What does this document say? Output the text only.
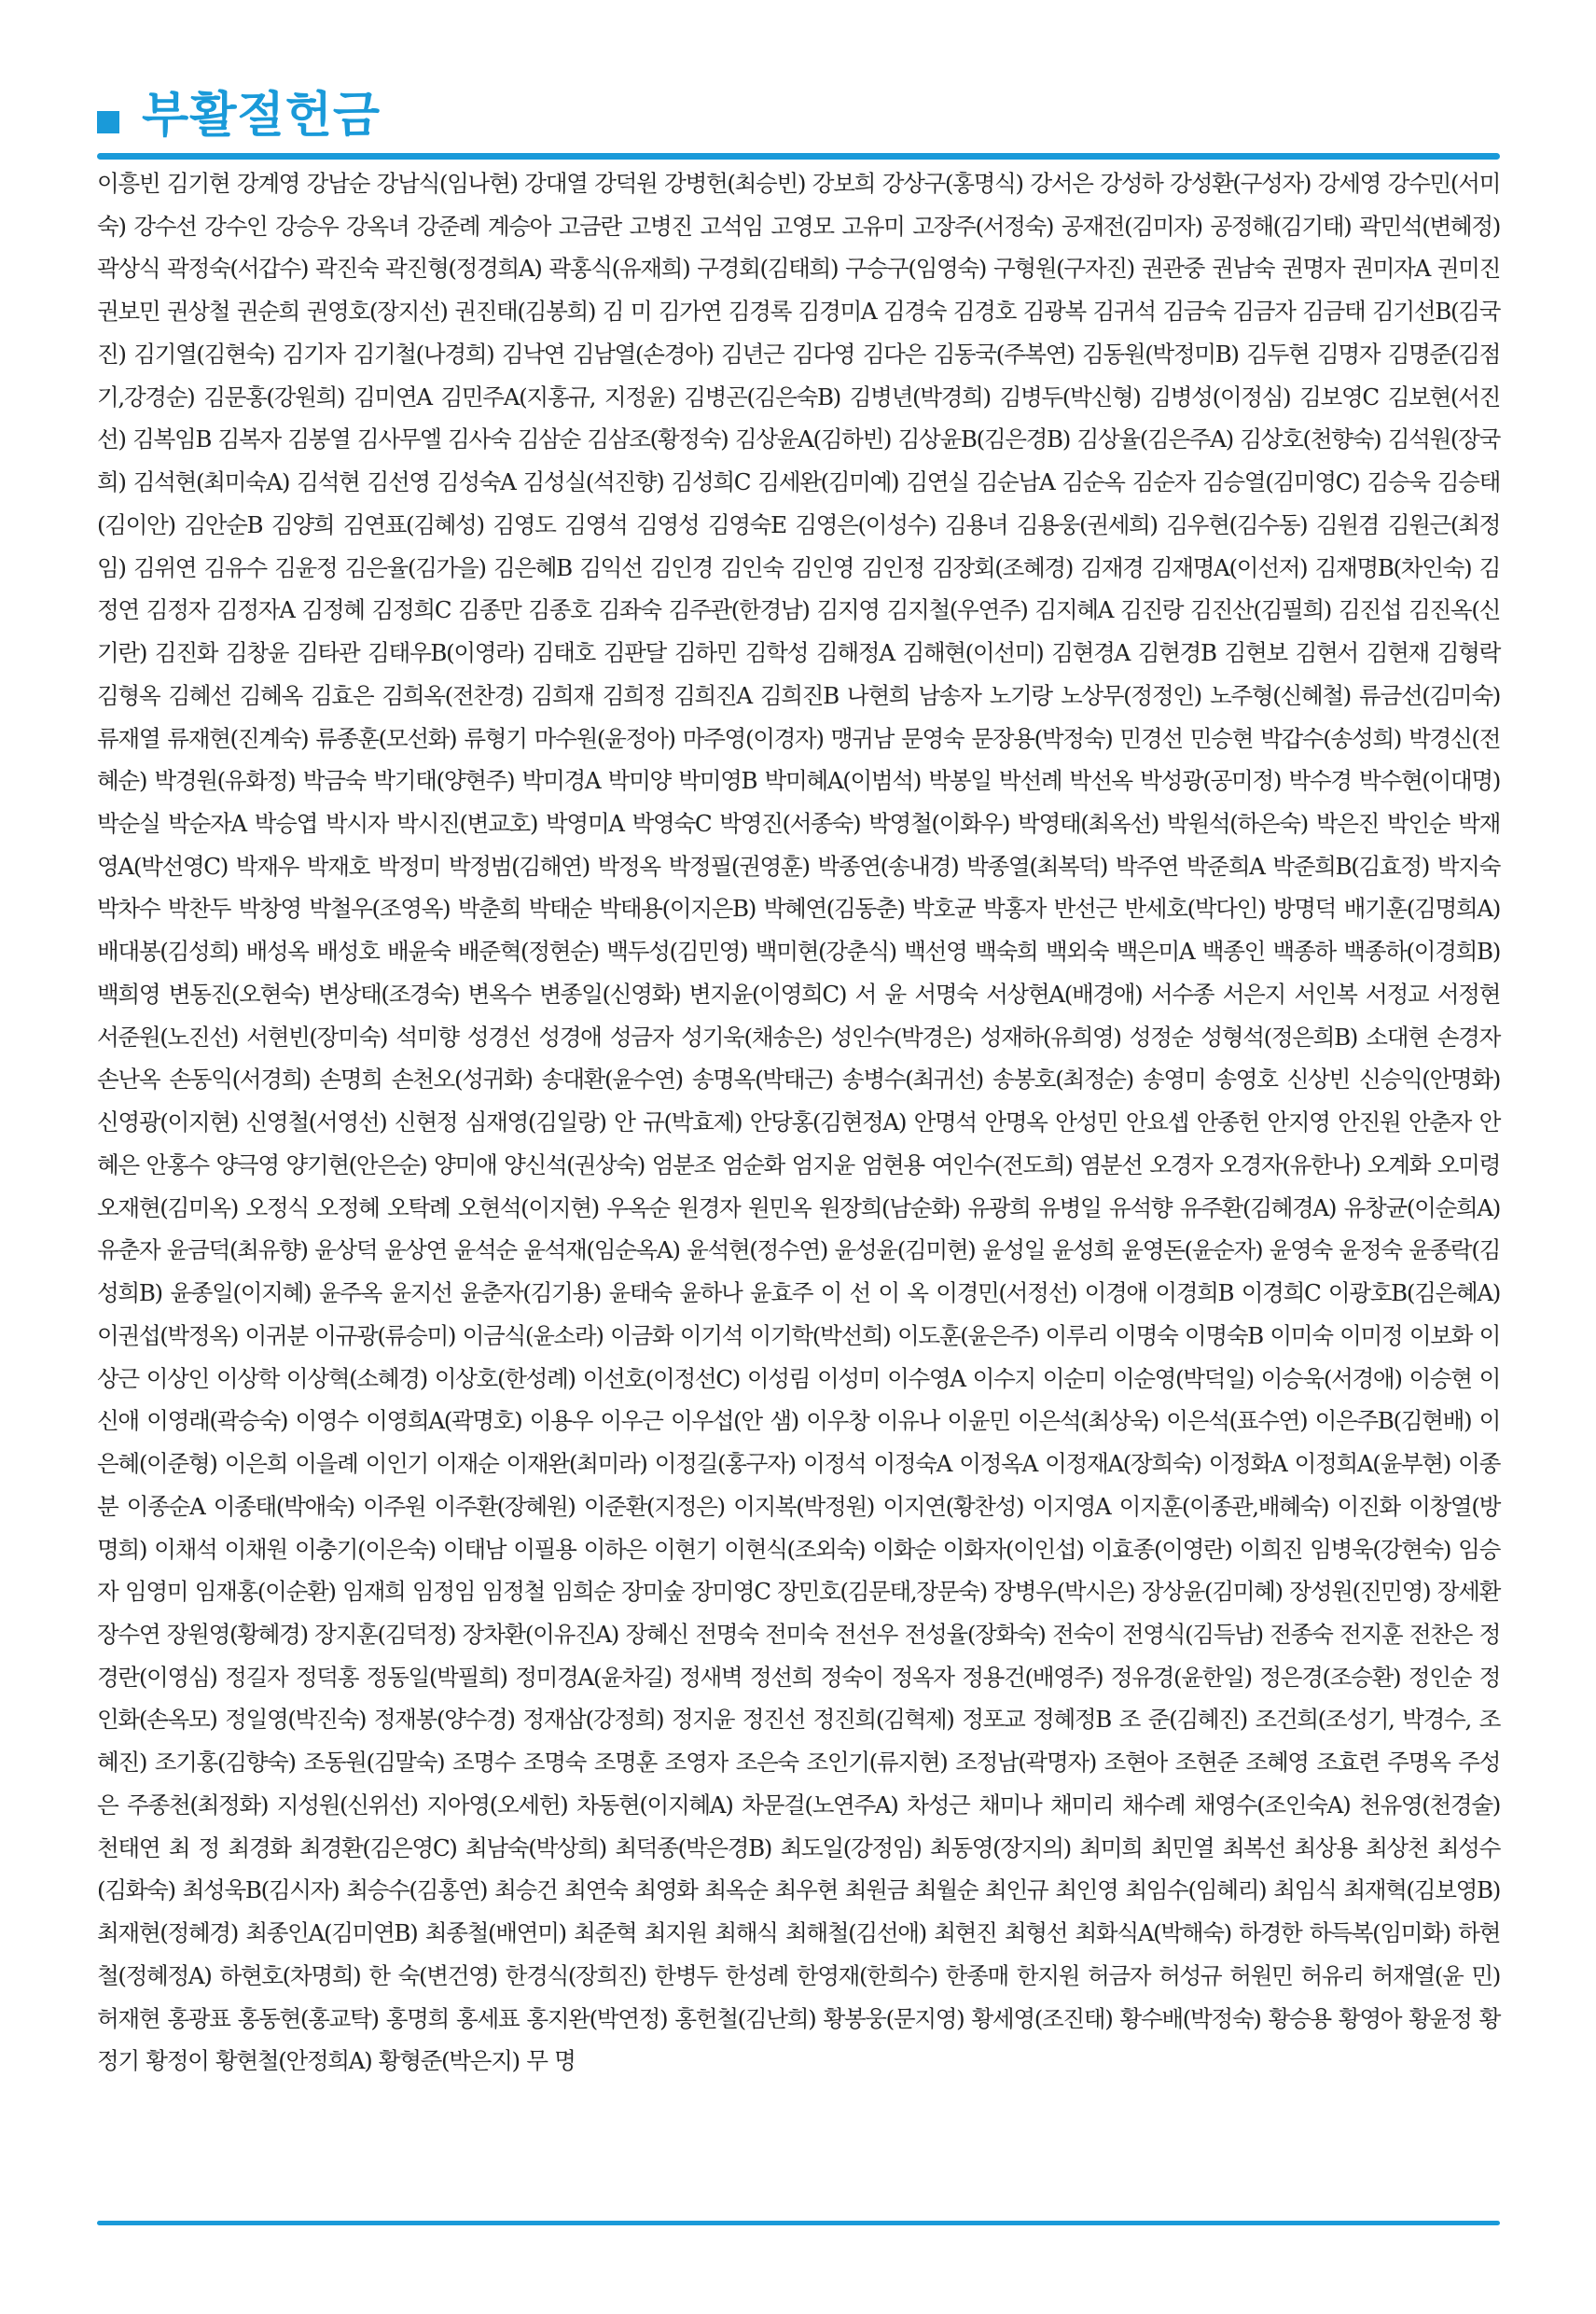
부활절헌금
이흥빈 김기현 강계영 강남순 강남식(임나현) 강대열 강덕원 강병헌(최승빈) 강보희 강상구(홍명식) 강서은 강성하 강성환(구성자) 강세영 강수민(서미숙) 강수선 강수인 강승우 강옥녀 강준례 계승아 고금란 고병진 고석임 고영모 고유미 고장주(서정숙) 공재전(김미자) 공정해(김기태) 곽민석(변혜정) 곽상식 곽정숙(서갑수) 곽진숙 곽진형(정경희A) 곽홍식(유재희) 구경회(김태희) 구승구(임영숙) 구형원(구자진) 권관중 권남숙 권명자 권미자A 권미진 권보민 권상철 권순희 권영호(장지선) 권진태(김봉희) 김 미 김가연 김경록 김경미A 김경숙 김경호 김광복 김귀석 김금숙 김금자 김금태 김기선B(김국진) 김기열(김현숙) 김기자 김기철(나경희) 김낙연 김남열(손경아) 김년근 김다영 김다은 김동국(주복연) 김동원(박정미B) 김두현 김명자 김명준(김점기,강경순) 김문홍(강원희) 김미연A 김민주A(지홍규, 지정윤) 김병곤(김은숙B) 김병년(박경희) 김병두(박신형) 김병성(이정심) 김보영C 김보현(서진선) 김복임B 김복자 김봉열 김사무엘 김사숙 김삼순 김삼조(황정숙) 김상윤A(김하빈) 김상윤B(김은경B) 김상율(김은주A) 김상호(천향숙) 김석원(장국희) 김석현(최미숙A) 김석현 김선영 김성숙A 김성실(석진향) 김성희C 김세완(김미예) 김연실 김순남A 김순옥 김순자 김승열(김미영C) 김승욱 김승태(김이안) 김안순B 김양희 김연표(김혜성) 김영도 김영석 김영성 김영숙E 김영은(이성수) 김용녀 김용웅(권세희) 김우현(김수동) 김원겸 김원근(최정임) 김위연 김유수 김윤정 김은율(김가을) 김은혜B 김익선 김인경 김인숙 김인영 김인정 김장회(조혜경) 김재경 김재명A(이선저) 김재명B(차인숙) 김정연 김정자 김정자A 김정혜 김정희C 김종만 김종호 김좌숙 김주관(한경남) 김지영 김지철(우연주) 김지혜A 김진랑 김진산(김필희) 김진섭 김진옥(신기란) 김진화 김창윤 김타관 김태우B(이영라) 김태호 김판달 김하민 김학성 김해정A 김해현(이선미) 김현경A 김현경B 김현보 김현서 김현재 김형락 김형옥 김혜선 김혜옥 김효은 김희옥(전찬경) 김희재 김희정 김희진A 김희진B 나현희 남송자 노기랑 노상무(정정인) 노주형(신혜철) 류금선(김미숙) 류재열 류재현(진계숙) 류종훈(모선화) 류형기 마수원(윤정아) 마주영(이경자) 맹귀남 문영숙 문장용(박정숙) 민경선 민승현 박갑수(송성희) 박경신(전혜순) 박경원(유화정) 박금숙 박기태(양현주) 박미경A 박미양 박미영B 박미혜A(이범석) 박봉일 박선례 박선옥 박성광(공미정) 박수경 박수현(이대명) 박순실 박순자A 박승엽 박시자 박시진(변교호) 박영미A 박영숙C 박영진(서종숙) 박영철(이화우) 박영태(최옥선) 박원석(하은숙) 박은진 박인순 박재영A(박선영C) 박재우 박재호 박정미 박정범(김해연) 박정옥 박정필(권영훈) 박종연(송내경) 박종열(최복덕) 박주연 박준희A 박준희B(김효정) 박지숙 박차수 박찬두 박창영 박철우(조영옥) 박춘희 박태순 박태용(이지은B) 박혜연(김동춘) 박호균 박홍자 반선근 반세호(박다인) 방명덕 배기훈(김명희A) 배대봉(김성희) 배성옥 배성호 배윤숙 배준혁(정현순) 백두성(김민영) 백미현(강춘식) 백선영 백숙희 백외숙 백은미A 백종인 백종하 백종하(이경희B) 백희영 변동진(오현숙) 변상태(조경숙) 변옥수 변종일(신영화) 변지윤(이영희C) 서 윤 서명숙 서상현A(배경애) 서수종 서은지 서인복 서정교 서정현 서준원(노진선) 서현빈(장미숙) 석미향 성경선 성경애 성금자 성기욱(채송은) 성인수(박경은) 성재하(유희영) 성정순 성형석(정은희B) 소대현 손경자 손난옥 손동익(서경희) 손명희 손천오(성귀화) 송대환(윤수연) 송명옥(박태근) 송병수(최귀선) 송봉호(최정순) 송영미 송영호 신상빈 신승익(안명화) 신영광(이지현) 신영철(서영선) 신현정 심재영(김일랑) 안 규(박효제) 안당홍(김현정A) 안명석 안명옥 안성민 안요셉 안종헌 안지영 안진원 안춘자 안혜은 안홍수 양극영 양기현(안은순) 양미애 양신석(권상숙) 엄분조 엄순화 엄지윤 엄현용 여인수(전도희) 염분선 오경자 오경자(유한나) 오계화 오미령 오재현(김미옥) 오정식 오정혜 오탁례 오현석(이지현) 우옥순 원경자 원민옥 원장희(남순화) 유광희 유병일 유석향 유주환(김혜경A) 유창균(이순희A) 유춘자 윤금덕(최유향) 윤상덕 윤상연 윤석순 윤석재(임순옥A) 윤석현(정수연) 윤성윤(김미현) 윤성일 윤성희 윤영돈(윤순자) 윤영숙 윤정숙 윤종락(김성희B) 윤종일(이지혜) 윤주옥 윤지선 윤춘자(김기용) 윤태숙 윤하나 윤효주 이 선 이 옥 이경민(서정선) 이경애 이경희B 이경희C 이광호B(김은혜A) 이권섭(박정옥) 이귀분 이규광(류승미) 이금식(윤소라) 이금화 이기석 이기학(박선희) 이도훈(윤은주) 이루리 이명숙 이명숙B 이미숙 이미정 이보화 이상근 이상인 이상학 이상혁(소혜경) 이상호(한성례) 이선호(이정선C) 이성림 이성미 이수영A 이수지 이순미 이순영(박덕일) 이승욱(서경애) 이승현 이신애 이영래(곽승숙) 이영수 이영희A(곽명호) 이용우 이우근 이우섭(안 샘) 이우창 이유나 이윤민 이은석(최상욱) 이은석(표수연) 이은주B(김현배) 이은혜(이준형) 이은희 이을례 이인기 이재순 이재완(최미라) 이정길(홍구자) 이정석 이정숙A 이정옥A 이정재A(장희숙) 이정화A 이정희A(윤부현) 이종분 이종순A 이종태(박애숙) 이주원 이주환(장혜원) 이준환(지정은) 이지복(박정원) 이지연(황찬성) 이지영A 이지훈(이종관,배혜숙) 이진화 이창열(방명희) 이채석 이채원 이충기(이은숙) 이태남 이필용 이하은 이현기 이현식(조외숙) 이화순 이화자(이인섭) 이효종(이영란) 이희진 임병욱(강현숙) 임승자 임영미 임재홍(이순환) 임재희 임정임 임정철 임희순 장미숲 장미영C 장민호(김문태,장문숙) 장병우(박시은) 장상윤(김미혜) 장성원(진민영) 장세환 장수연 장원영(황혜경) 장지훈(김덕정) 장차환(이유진A) 장혜신 전명숙 전미숙 전선우 전성율(장화숙) 전숙이 전영식(김득남) 전종숙 전지훈 전찬은 정경란(이영심) 정길자 정덕홍 정동일(박필희) 정미경A(윤차길) 정새벽 정선희 정숙이 정옥자 정용건(배영주) 정유경(윤한일) 정은경(조승환) 정인순 정인화(손옥모) 정일영(박진숙) 정재봉(양수경) 정재삼(강정희) 정지윤 정진선 정진희(김혁제) 정포교 정혜정B 조 준(김혜진) 조건희(조성기, 박경수, 조혜진) 조기홍(김향숙) 조동원(김말숙) 조명수 조명숙 조명훈 조영자 조은숙 조인기(류지현) 조정남(곽명자) 조현아 조현준 조혜영 조효련 주명옥 주성은 주종천(최정화) 지성원(신위선) 지아영(오세헌) 차동현(이지혜A) 차문걸(노연주A) 차성근 채미나 채미리 채수례 채영수(조인숙A) 천유영(천경술) 천태연 최 정 최경화 최경환(김은영C) 최남숙(박상희) 최덕종(박은경B) 최도일(강정임) 최동영(장지의) 최미희 최민열 최복선 최상용 최상천 최성수(김화숙) 최성욱B(김시자) 최승수(김홍연) 최승건 최연숙 최영화 최옥순 최우현 최원금 최월순 최인규 최인영 최임수(임혜리) 최임식 최재혁(김보영B) 최재현(정혜경) 최종인A(김미연B) 최종철(배연미) 최준혁 최지원 최해식 최해철(김선애) 최현진 최형선 최화식A(박해숙) 하경한 하득복(임미화) 하현철(정혜정A) 하현호(차명희) 한 숙(변건영) 한경식(장희진) 한병두 한성례 한영재(한희수) 한종매 한지원 허금자 허성규 허원민 허유리 허재열(윤 민) 허재현 홍광표 홍동현(홍교탁) 홍명희 홍세표 홍지완(박연정) 홍헌철(김난희) 황봉웅(문지영) 황세영(조진태) 황수배(박정숙) 황승용 황영아 황윤정 황정기 황정이 황현철(안정희A) 황형준(박은지) 무 명
